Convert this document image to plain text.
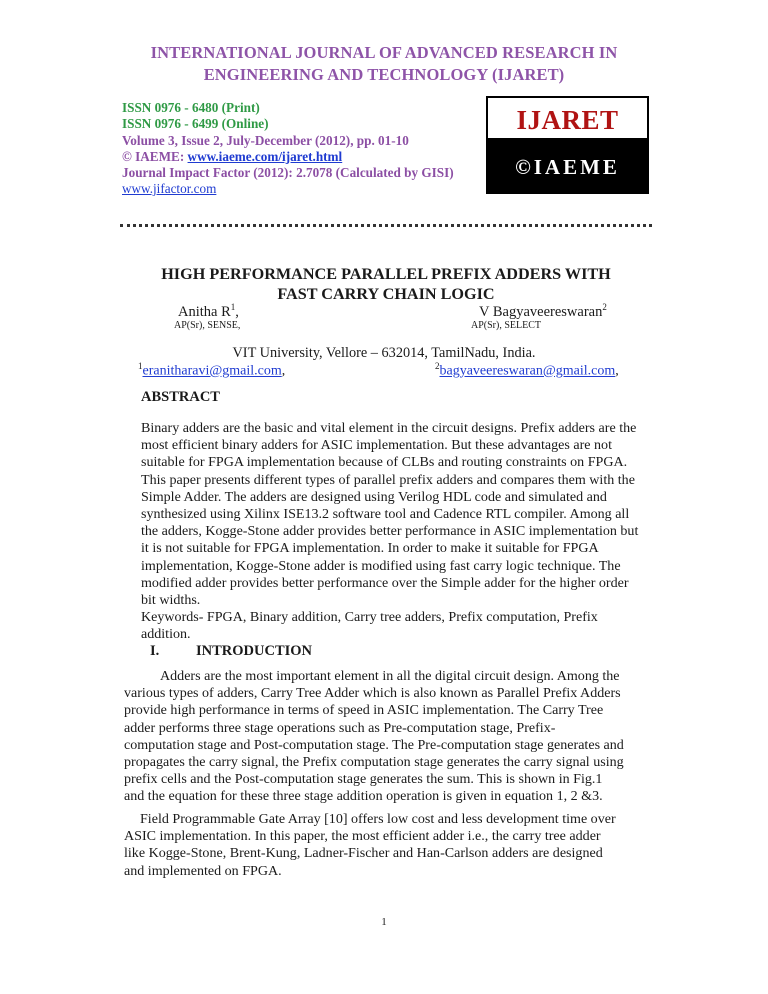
INTERNATIONAL JOURNAL OF ADVANCED RESEARCH IN
ENGINEERING AND TECHNOLOGY (IJARET)
ISSN 0976 - 6480 (Print)
ISSN 0976 - 6499 (Online)
Volume 3, Issue 2, July-December (2012), pp. 01-10
© IAEME: www.iaeme.com/ijaret.html
Journal Impact Factor (2012): 2.7078 (Calculated by GISI)
www.jifactor.com
IJARET
©IAEME
HIGH PERFORMANCE PARALLEL PREFIX ADDERS WITH
FAST CARRY CHAIN LOGIC
Anitha $R^1$,
AP(Sr), SENSE,
V Bagyaveereswaran$^2$
AP(Sr), SELECT
VIT University, Vellore – 632014, TamilNadu, India.
$^1$eranitharavi@gmail.com,	$^2$bagyaveereswaran@gmail.com,
ABSTRACT
Binary adders are the basic and vital element in the circuit designs. Prefix adders are the
most efficient binary adders for ASIC implementation. But these advantages are not
suitable for FPGA implementation because of CLBs and routing constraints on FPGA.
This paper presents different types of parallel prefix adders and compares them with the
Simple Adder. The adders are designed using Verilog HDL code and simulated and
synthesized using Xilinx ISE13.2 software tool and Cadence RTL compiler. Among all
the adders, Kogge-Stone adder provides better performance in ASIC implementation but
it is not suitable for FPGA implementation. In order to make it suitable for FPGA
implementation, Kogge-Stone adder is modified using fast carry logic technique. The
modified adder provides better performance over the Simple adder for the higher order
bit widths.
Keywords- FPGA, Binary addition, Carry tree adders, Prefix computation, Prefix
addition.
I.	INTRODUCTION
Adders are the most important element in all the digital circuit design. Among the
various types of adders, Carry Tree Adder which is also known as Parallel Prefix Adders
provide high performance in terms of speed in ASIC implementation. The Carry Tree
adder performs three stage operations such as Pre-computation stage, Prefix-
computation stage and Post-computation stage. The Pre-computation stage generates and
propagates the carry signal, the Prefix computation stage generates the carry signal using
prefix cells and the Post-computation stage generates the sum. This is shown in Fig.1
and the equation for these three stage addition operation is given in equation 1, 2 &3.
Field Programmable Gate Array [10] offers low cost and less development time over
ASIC implementation. In this paper, the most efficient adder i.e., the carry tree adder
like Kogge-Stone, Brent-Kung, Ladner-Fischer and Han-Carlson adders are designed
and implemented on FPGA.
1
